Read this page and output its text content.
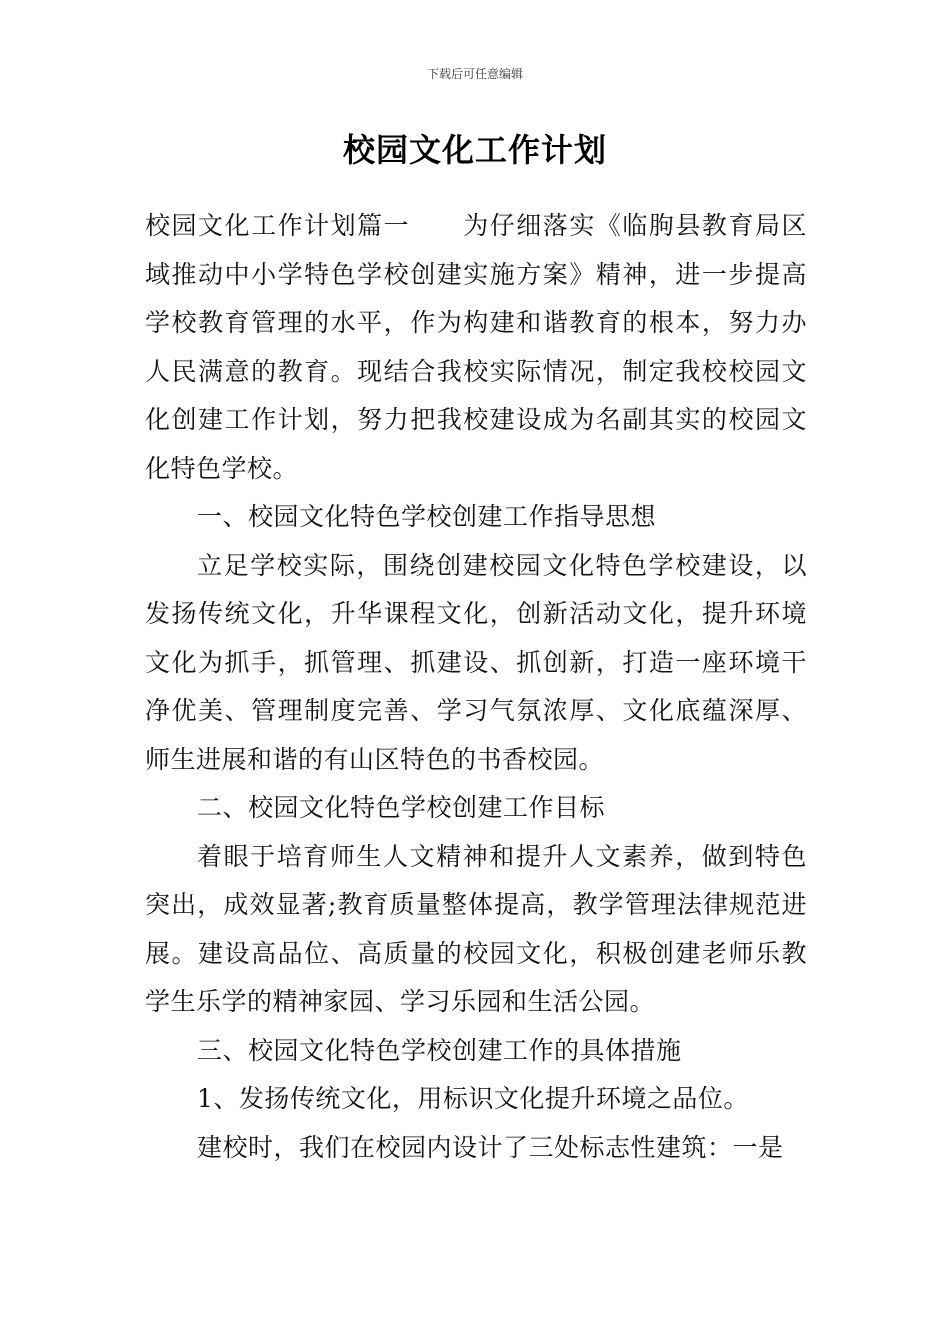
下载后可任意编辑
校园文化工作计划

校园文化工作计划篇一　　为仔细落实《临朐县教育局区域推动中小学特色学校创建实施方案》精神，进一步提高学校教育管理的水平，作为构建和谐教育的根本，努力办人民满意的教育。现结合我校实际情况，制定我校校园文化创建工作计划，努力把我校建设成为名副其实的校园文化特色学校。

一、校园文化特色学校创建工作指导思想

立足学校实际，围绕创建校园文化特色学校建设，以发扬传统文化，升华课程文化，创新活动文化，提升环境文化为抓手，抓管理、抓建设、抓创新，打造一座环境干净优美、管理制度完善、学习气氛浓厚、文化底蕴深厚、师生进展和谐的有山区特色的书香校园。

二、校园文化特色学校创建工作目标

着眼于培育师生人文精神和提升人文素养，做到特色突出，成效显著;教育质量整体提高，教学管理法律规范进展。建设高品位、高质量的校园文化，积极创建老师乐教学生乐学的精神家园、学习乐园和生活公园。

三、校园文化特色学校创建工作的具体措施

1、发扬传统文化，用标识文化提升环境之品位。

建校时，我们在校园内设计了三处标志性建筑：一是
